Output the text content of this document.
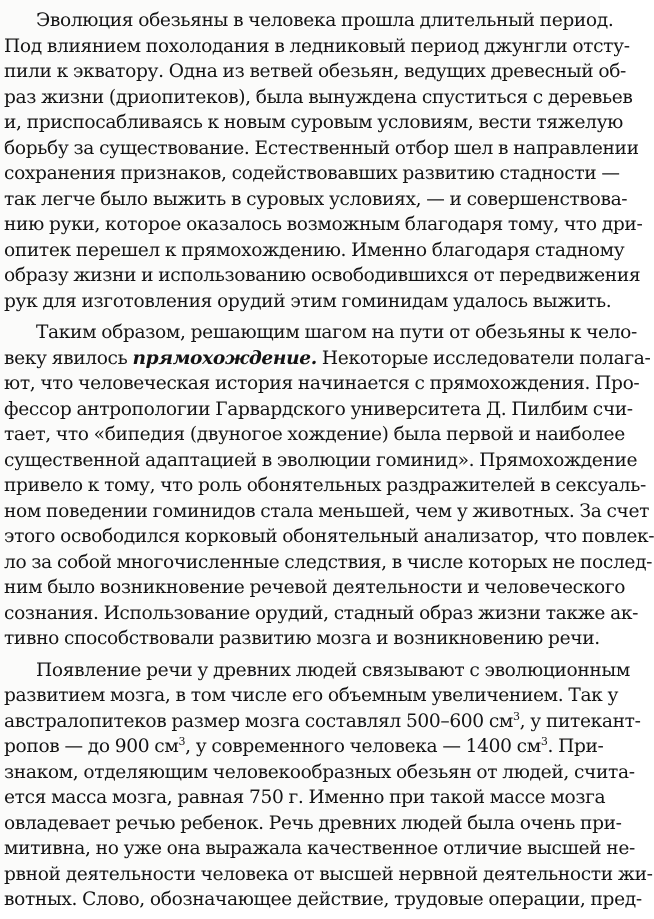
Эволюция обезьяны в человека прошла длительный период.
Под влиянием похолодания в ледниковый период джунгли отсту-
пили к экватору. Одна из ветвей обезьян, ведущих древесный об-
раз жизни (дриопитеков), была вынуждена спуститься с деревьев
и, приспосабливаясь к новым суровым условиям, вести тяжелую
борьбу за существование. Естественный отбор шел в направлении
сохранения признаков, содействовавших развитию стадности —
так легче было выжить в суровых условиях, — и совершенствова-
нию руки, которое оказалось возможным благодаря тому, что дри-
опитек перешел к прямохождению. Именно благодаря стадному
образу жизни и использованию освободившихся от передвижения
рук для изготовления орудий этим гоминидам удалось выжить.

Таким образом, решающим шагом на пути от обезьяны к чело-
веку явилось прямохождение. Некоторые исследователи полага-
ют, что человеческая история начинается с прямохождения. Про-
фессор антропологии Гарвардского университета Д. Пилбим счи-
тает, что «бипедия (двуногое хождение) была первой и наиболее
существенной адаптацией в эволюции гоминид». Прямохождение
привело к тому, что роль обонятельных раздражителей в сексуаль-
ном поведении гоминидов стала меньшей, чем у животных. За счет
этого освободился корковый обонятельный анализатор, что повлек-
ло за собой многочисленные следствия, в числе которых не послед-
ним было возникновение речевой деятельности и человеческого
сознания. Использование орудий, стадный образ жизни также ак-
тивно способствовали развитию мозга и возникновению речи.

Появление речи у древних людей связывают с эволюционным
развитием мозга, в том числе его объемным увеличением. Так у
австралопитеков размер мозга составлял 500–600 $см^3$, у питекант-
ропов — до 900 $см^3$, у современного человека — 1400 $см^3$. При-
знаком, отделяющим человекообразных обезьян от людей, счита-
ется масса мозга, равная 750 г. Именно при такой массе мозга
овладевает речью ребенок. Речь древних людей была очень при-
митивна, но уже она выражала качественное отличие высшей не-
рвной деятельности человека от высшей нервной деятельности жи-
вотных. Слово, обозначающее действие, трудовые операции, пред-
